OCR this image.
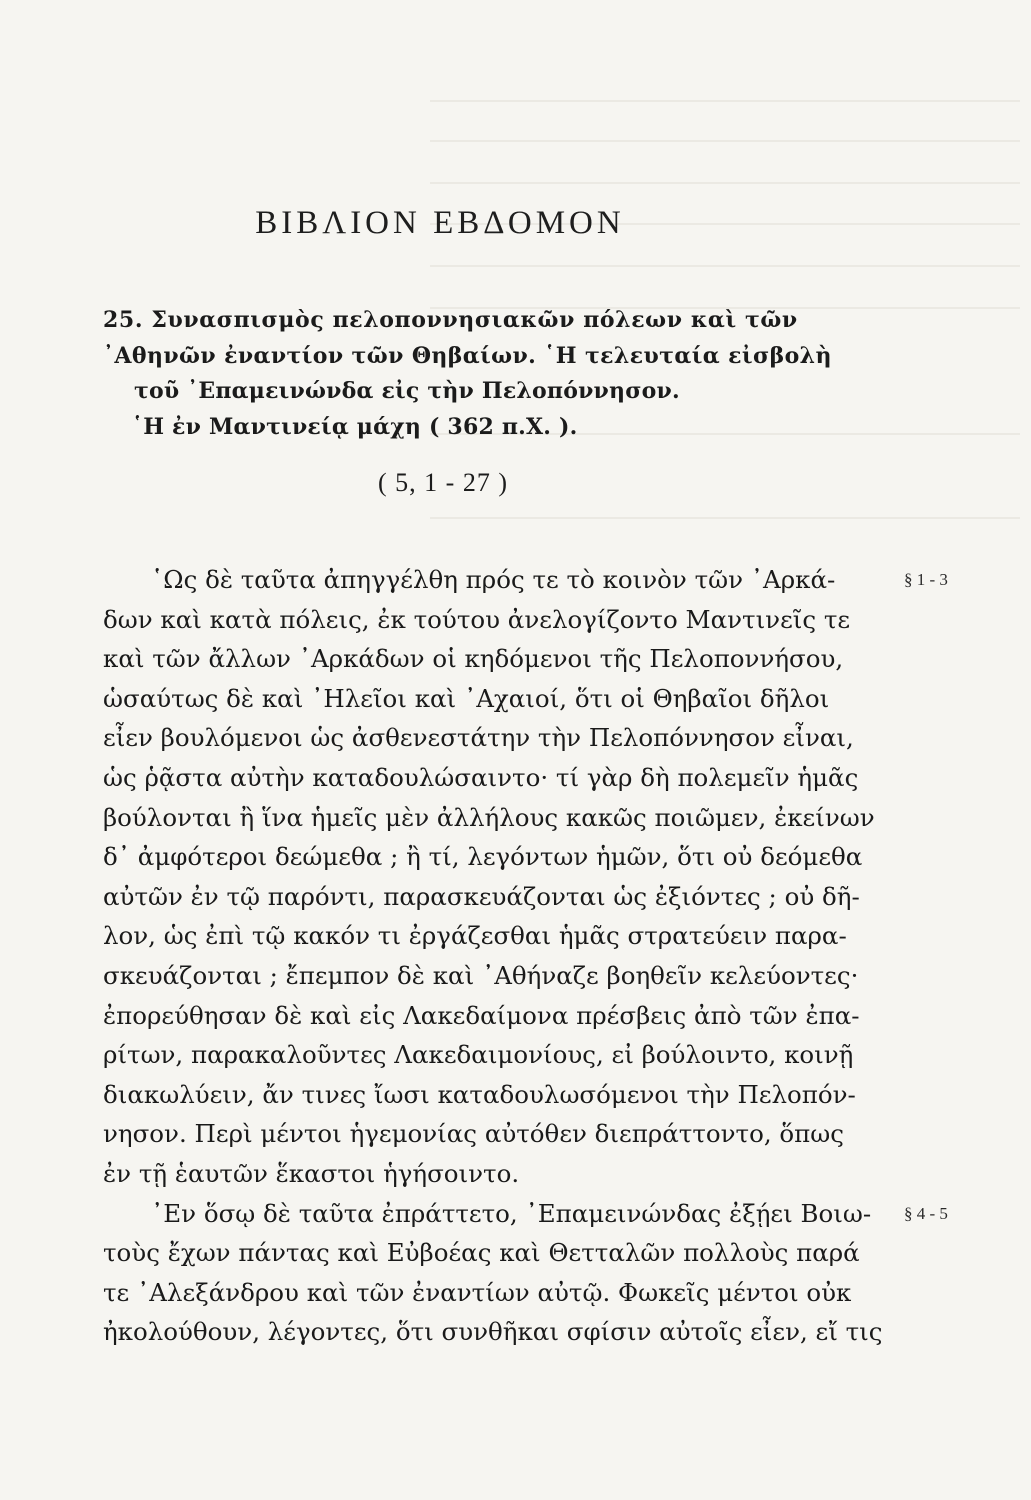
ΒΙΒΛΙΟΝ ΕΒΔΟΜΟΝ
25. Συνασπισμὸς πελοποννησιακῶν πόλεων καὶ τῶν
᾿Αθηνῶν ἐναντίον τῶν Θηβαίων. ῾Η τελευταία εἰσβολὴ
τοῦ ᾿Επαμεινώνδα εἰς τὴν Πελοπόννησον.
῾Η ἐν Μαντινείᾳ μάχη ( 362 π.Χ. ).
( 5, 1 - 27 )
῾Ως δὲ ταῦτα ἀπηγγέλθη πρός τε τὸ κοινὸν τῶν ᾿Αρκά-
δων καὶ κατὰ πόλεις, ἐκ τούτου ἀνελογίζοντο Μαντινεῖς τε
καὶ τῶν ἄλλων ᾿Αρκάδων οἱ κηδόμενοι τῆς Πελοποννήσου,
ὡσαύτως δὲ καὶ ᾿Ηλεῖοι καὶ ᾿Αχαιοί, ὅτι οἱ Θηβαῖοι δῆλοι
εἶεν βουλόμενοι ὡς ἀσθενεστάτην τὴν Πελοπόννησον εἶναι,
ὡς ῥᾷστα αὐτὴν καταδουλώσαιντο· τί γὰρ δὴ πολεμεῖν ἡμᾶς
βούλονται ἢ ἵνα ἡμεῖς μὲν ἀλλήλους κακῶς ποιῶμεν, ἐκείνων
δ᾿ ἀμφότεροι δεώμεθα ; ἢ τί, λεγόντων ἡμῶν, ὅτι οὐ δεόμεθα
αὐτῶν ἐν τῷ παρόντι, παρασκευάζονται ὡς ἐξιόντες ; οὐ δῆ-
λον, ὡς ἐπὶ τῷ κακόν τι ἐργάζεσθαι ἡμᾶς στρατεύειν παρα-
σκευάζονται ; ἔπεμπον δὲ καὶ ᾿Αθήναζε βοηθεῖν κελεύοντες·
ἐπορεύθησαν δὲ καὶ εἰς Λακεδαίμονα πρέσβεις ἀπὸ τῶν ἐπα-
ρίτων, παρακαλοῦντες Λακεδαιμονίους, εἰ βούλοιντο, κοινῇ
διακωλύειν, ἄν τινες ἴωσι καταδουλωσόμενοι τὴν Πελοπόν-
νησον. Περὶ μέντοι ἡγεμονίας αὐτόθεν διεπράττοντο, ὅπως
ἐν τῇ ἑαυτῶν ἕκαστοι ἡγήσοιντο.
᾿Εν ὅσῳ δὲ ταῦτα ἐπράττετο, ᾿Επαμεινώνδας ἐξῄει Βοιω-
τοὺς ἔχων πάντας καὶ Εὐβοέας καὶ Θετταλῶν πολλοὺς παρά
τε ᾿Αλεξάνδρου καὶ τῶν ἐναντίων αὐτῷ. Φωκεῖς μέντοι οὐκ
ἠκολούθουν, λέγοντες, ὅτι συνθῆκαι σφίσιν αὐτοῖς εἶεν, εἴ τις
§ 1 - 3
§ 4 - 5
